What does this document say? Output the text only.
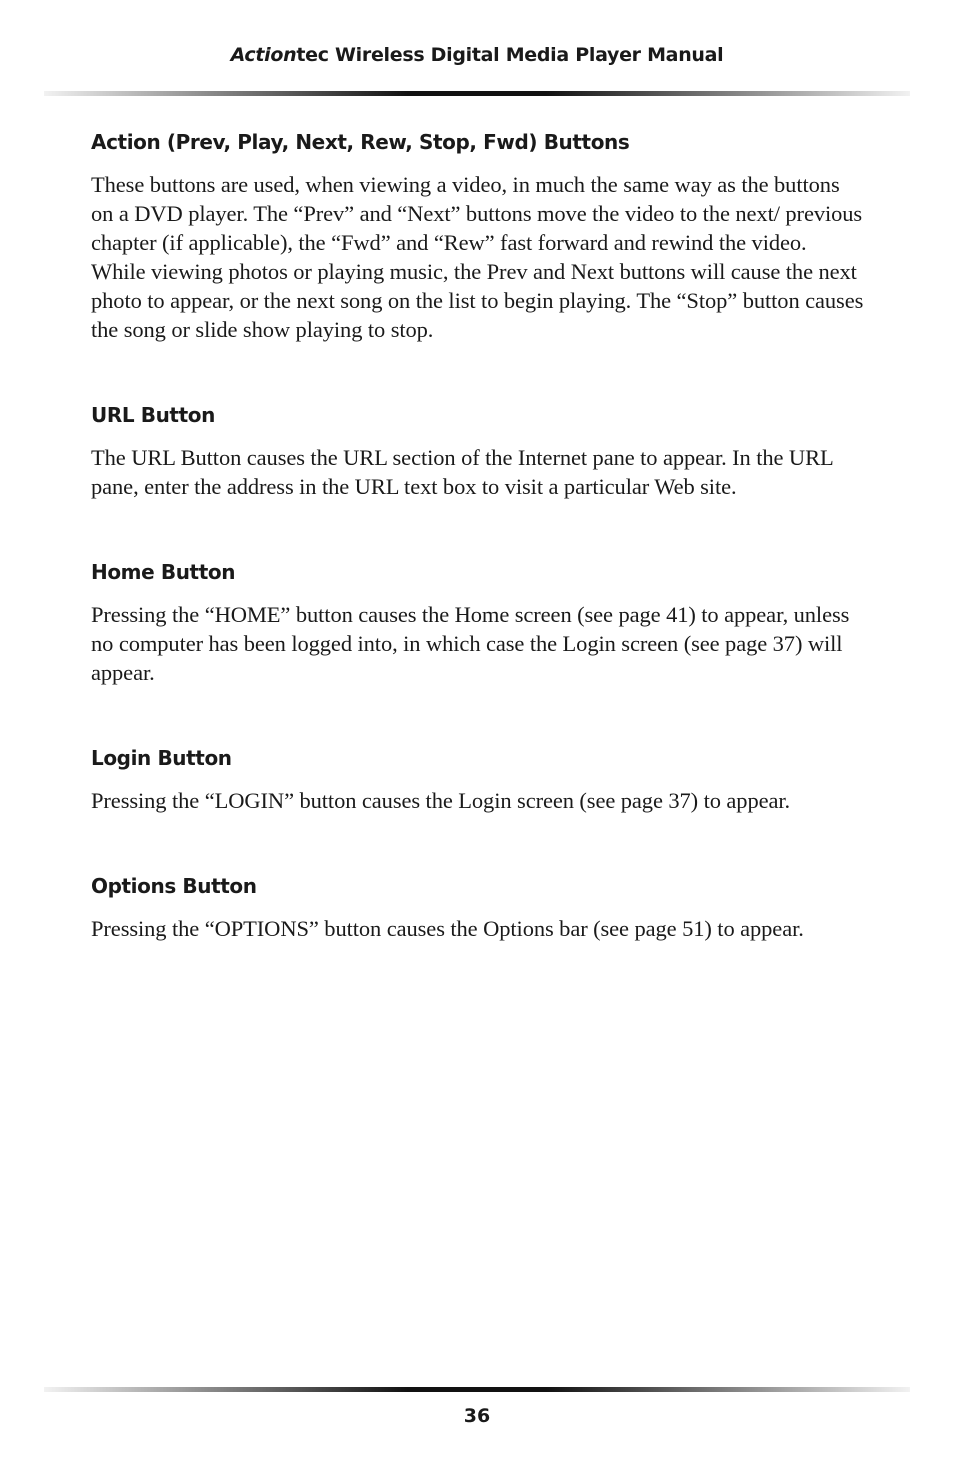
Actiontec Wireless Digital Media Player Manual
Action (Prev, Play, Next, Rew, Stop, Fwd) Buttons

These buttons are used, when viewing a video, in much the same way as the buttons on a DVD player. The “Prev” and “Next” buttons move the video to the next/ previous chapter (if applicable), the “Fwd” and “Rew” fast forward and rewind the video.

While viewing photos or playing music, the Prev and Next buttons will cause the next photo to appear, or the next song on the list to begin playing. The “Stop” button causes the song or slide show playing to stop.

URL Button

The URL Button causes the URL section of the Internet pane to appear. In the URL pane, enter the address in the URL text box to visit a particular Web site.

Home Button

Pressing the “HOME” button causes the Home screen (see page 41) to appear, unless no computer has been logged into, in which case the Login screen (see page 37) will appear.

Login Button

Pressing the “LOGIN” button causes the Login screen (see page 37) to appear.

Options Button

Pressing the “OPTIONS” button causes the Options bar (see page 51) to appear.

36
